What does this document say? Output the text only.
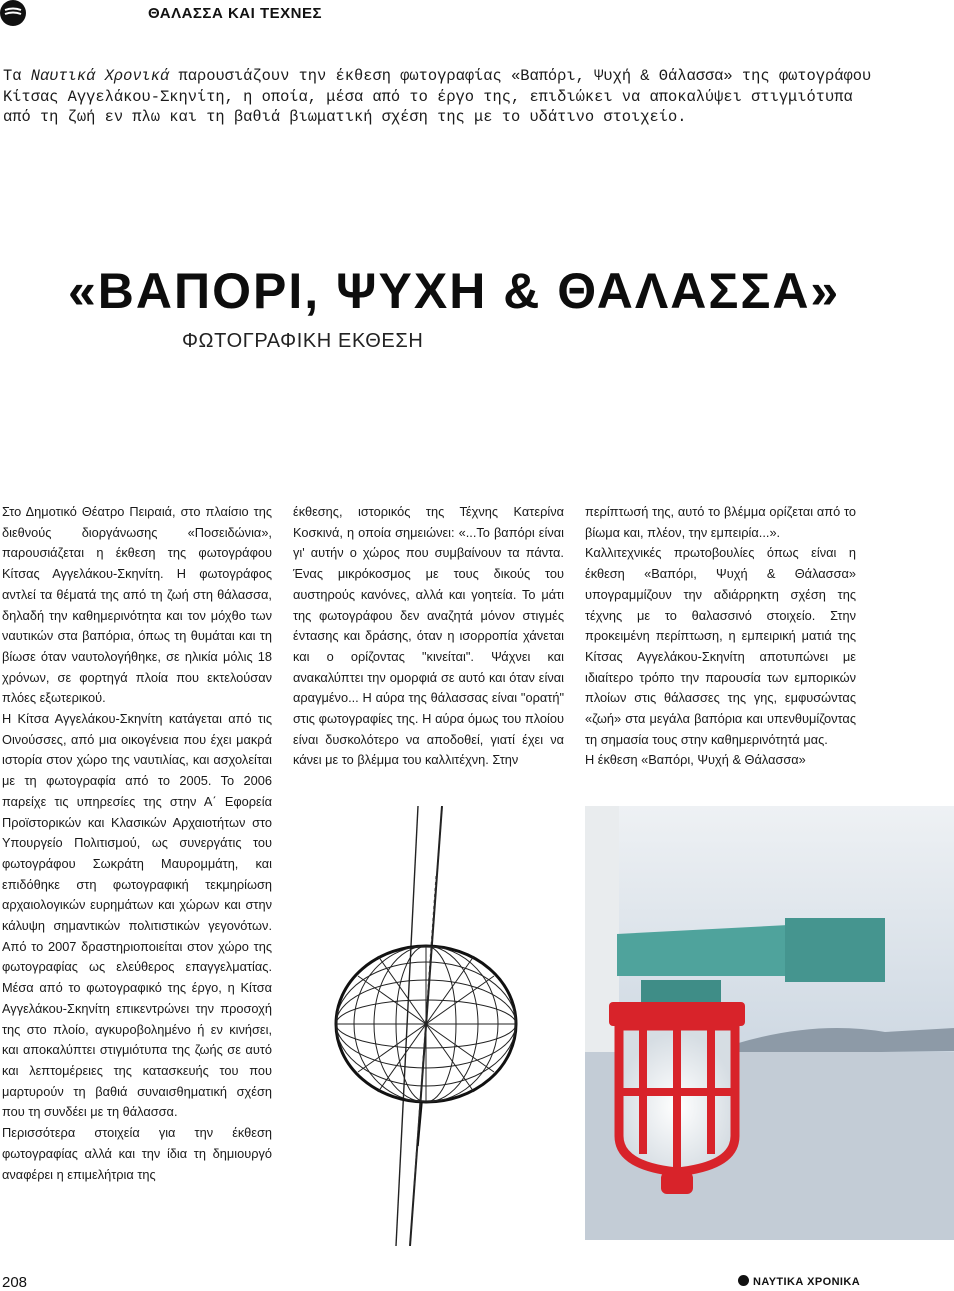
ΘΑΛΑΣΣΑ ΚΑΙ ΤΕΧΝΕΣ
Τα Ναυτικά Χρονικά παρουσιάζουν την έκθεση φωτογραφίας «Βαπόρι, Ψυχή & Θάλασσα» της φωτογράφου Κίτσας Αγγελάκου-Σκηνίτη, η οποία, μέσα από το έργο της, επιδιώκει να αποκαλύψει στιγμιότυπα από τη ζωή εν πλω και τη βαθιά βιωματική σχέση της με το υδάτινο στοιχείο.
«ΒΑΠΟΡΙ, ΨΥΧΗ & ΘΑΛΑΣΣΑ»
ΦΩΤΟΓΡΑΦΙΚΗ ΕΚΘΕΣΗ

Στο Δημοτικό Θέατρο Πειραιά, στο πλαίσιο της διεθνούς διοργάνωσης «Ποσειδώνια», παρουσιάζεται η έκθεση της φωτογράφου Κίτσας Αγγελάκου-Σκηνίτη. Η φωτογράφος αντλεί τα θέματά της από τη ζωή στη θάλασσα, δηλαδή την καθημερινότητα και τον μόχθο των ναυτικών στα βαπόρια, όπως τη θυμάται και τη βίωσε όταν ναυτολογήθηκε, σε ηλικία μόλις 18 χρόνων, σε φορτηγά πλοία που εκτελούσαν πλόες εξωτερικού.

Η Κίτσα Αγγελάκου-Σκηνίτη κατάγεται από τις Οινούσσες, από μια οικογένεια που έχει μακρά ιστορία στον χώρο της ναυτιλίας, και ασχολείται με τη φωτογραφία από το 2005. Το 2006 παρείχε τις υπηρεσίες της στην Α΄ Εφορεία Προϊστορικών και Κλασικών Αρχαιοτήτων στο Υπουργείο Πολιτισμού, ως συνεργάτις του φωτογράφου Σωκράτη Μαυρομμάτη, και επιδόθηκε στη φωτογραφική τεκμηρίωση αρχαιολογικών ευρημάτων και χώρων και στην κάλυψη σημαντικών πολιτιστικών γεγονότων. Από το 2007 δραστηριοποιείται στον χώρο της φωτογραφίας ως ελεύθερος επαγγελματίας. Μέσα από το φωτογραφικό της έργο, η Κίτσα Αγγελάκου-Σκηνίτη επικεντρώνει την προσοχή της στο πλοίο, αγκυροβολημένο ή εν κινήσει, και αποκαλύπτει στιγμιότυπα της ζωής σε αυτό και λεπτομέρειες της κατασκευής του που μαρτυρούν τη βαθιά συναισθηματική σχέση που τη συνδέει με τη θάλασσα.

Περισσότερα στοιχεία για την έκθεση φωτογραφίας αλλά και την ίδια τη δημιουργό αναφέρει η επιμελήτρια της

έκθεσης, ιστορικός της Τέχνης Κατερίνα Κοσκινά, η οποία σημειώνει: «...Το βαπόρι είναι γι' αυτήν ο χώρος που συμβαίνουν τα πάντα. Ένας μικρόκοσμος με τους δικούς του αυστηρούς κανόνες, αλλά και γοητεία. Το μάτι της φωτογράφου δεν αναζητά μόνον στιγμές έντασης και δράσης, όταν η ισορροπία χάνεται και ο ορίζοντας "κινείται". Ψάχνει και ανακαλύπτει την ομορφιά σε αυτό και όταν είναι αραγμένο... Η αύρα της θάλασσας είναι "ορατή" στις φωτογραφίες της. Η αύρα όμως του πλοίου είναι δυσκολότερο να αποδοθεί, γιατί έχει να κάνει με το βλέμμα του καλλιτέχνη. Στην

περίπτωσή της, αυτό το βλέμμα ορίζεται από το βίωμα και, πλέον, την εμπειρία...».

Καλλιτεχνικές πρωτοβουλίες όπως είναι η έκθεση «Βαπόρι, Ψυχή & Θάλασσα» υπογραμμίζουν την αδιάρρηκτη σχέση της τέχνης με το θαλασσινό στοιχείο. Στην προκειμένη περίπτωση, η εμπειρική ματιά της Κίτσας Αγγελάκου-Σκηνίτη αποτυπώνει με ιδιαίτερο τρόπο την παρουσία των εμπορικών πλοίων στις θάλασσες της γης, εμφυσώντας «ζωή» στα μεγάλα βαπόρια και υπενθυμίζοντας τη σημασία τους στην καθημερινότητά μας.

Η έκθεση «Βαπόρι, Ψυχή & Θάλασσα»

208	ΝΑΥΤΙΚΑ ΧΡΟΝΙΚΑ
